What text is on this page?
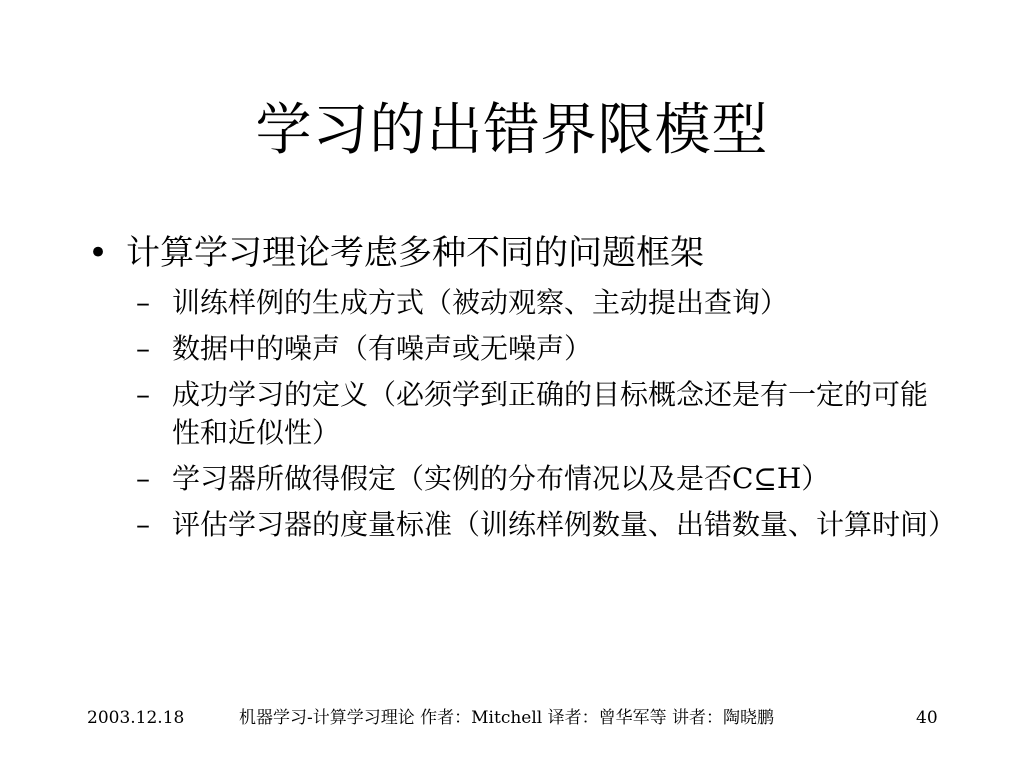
学习的出错界限模型
• 计算学习理论考虑多种不同的问题框架
– 训练样例的生成方式（被动观察、主动提出查询）
– 数据中的噪声（有噪声或无噪声）
– 成功学习的定义（必须学到正确的目标概念还是有一定的可能性和近似性）
– 学习器所做得假定（实例的分布情况以及是否C⊆H）
– 评估学习器的度量标准（训练样例数量、出错数量、计算时间）
2003.12.18	机器学习-计算学习理论 作者：Mitchell 译者：曾华军等 讲者：陶晓鹏	40
